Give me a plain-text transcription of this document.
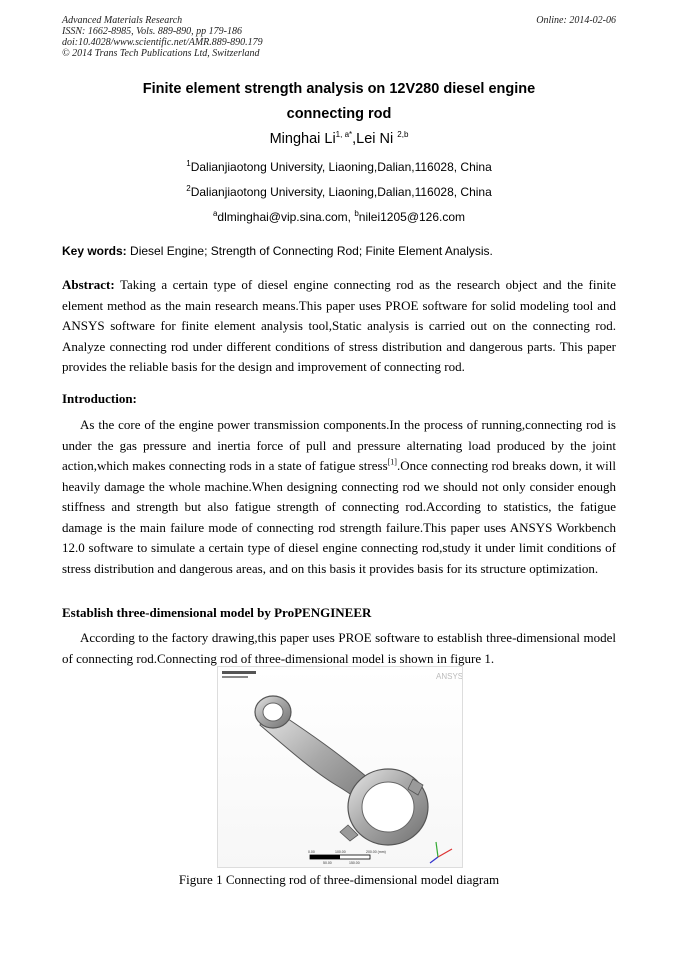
Advanced Materials Research
ISSN: 1662-8985, Vols. 889-890, pp 179-186
doi:10.4028/www.scientific.net/AMR.889-890.179
© 2014 Trans Tech Publications Ltd, Switzerland
Online: 2014-02-06
Finite element strength analysis on 12V280 diesel engine
connecting rod
Minghai $Li^{1, a*},Lei$ Ni $^{2,b}$
$^1$Dalianjiaotong University, Liaoning,Dalian,116028, China
$^2$Dalianjiaotong University, Liaoning,Dalian,116028, China
$^a$dlminghai@vip.sina.com, $^b$nilei1205@126.com
Key words: Diesel Engine; Strength of Connecting Rod; Finite Element Analysis.
Abstract: Taking a certain type of diesel engine connecting rod as the research object and the finite element method as the main research means.This paper uses PROE software for solid modeling tool and ANSYS software for finite element analysis tool,Static analysis is carried out on the connecting rod. Analyze connecting rod under different conditions of stress distribution and dangerous parts. This paper provides the reliable basis for the design and improvement of connecting rod.
Introduction:
As the core of the engine power transmission components.In the process of running,connecting rod is under the gas pressure and inertia force of pull and pressure alternating load produced by the joint action,which makes connecting rods in a state of fatigue stress[1].Once connecting rod breaks down, it will heavily damage the whole machine.When designing connecting rod we should not only consider enough stiffness and strength but also fatigue strength of connecting rod.According to statistics, the fatigue damage is the main failure mode of connecting rod strength failure.This paper uses ANSYS Workbench 12.0 software to simulate a certain type of diesel engine connecting rod,study it under limit conditions of stress distribution and dangerous areas, and on this basis it provides basis for its structure optimization.
Establish three-dimensional model by ProPENGINEER
According to the factory drawing,this paper uses PROE software to establish three-dimensional model of connecting rod.Connecting rod of three-dimensional model is shown in figure 1.
ANSYS
0.00	100.00	200.00 (mm)
50.00	150.00
Figure 1 Connecting rod of three-dimensional model diagram
